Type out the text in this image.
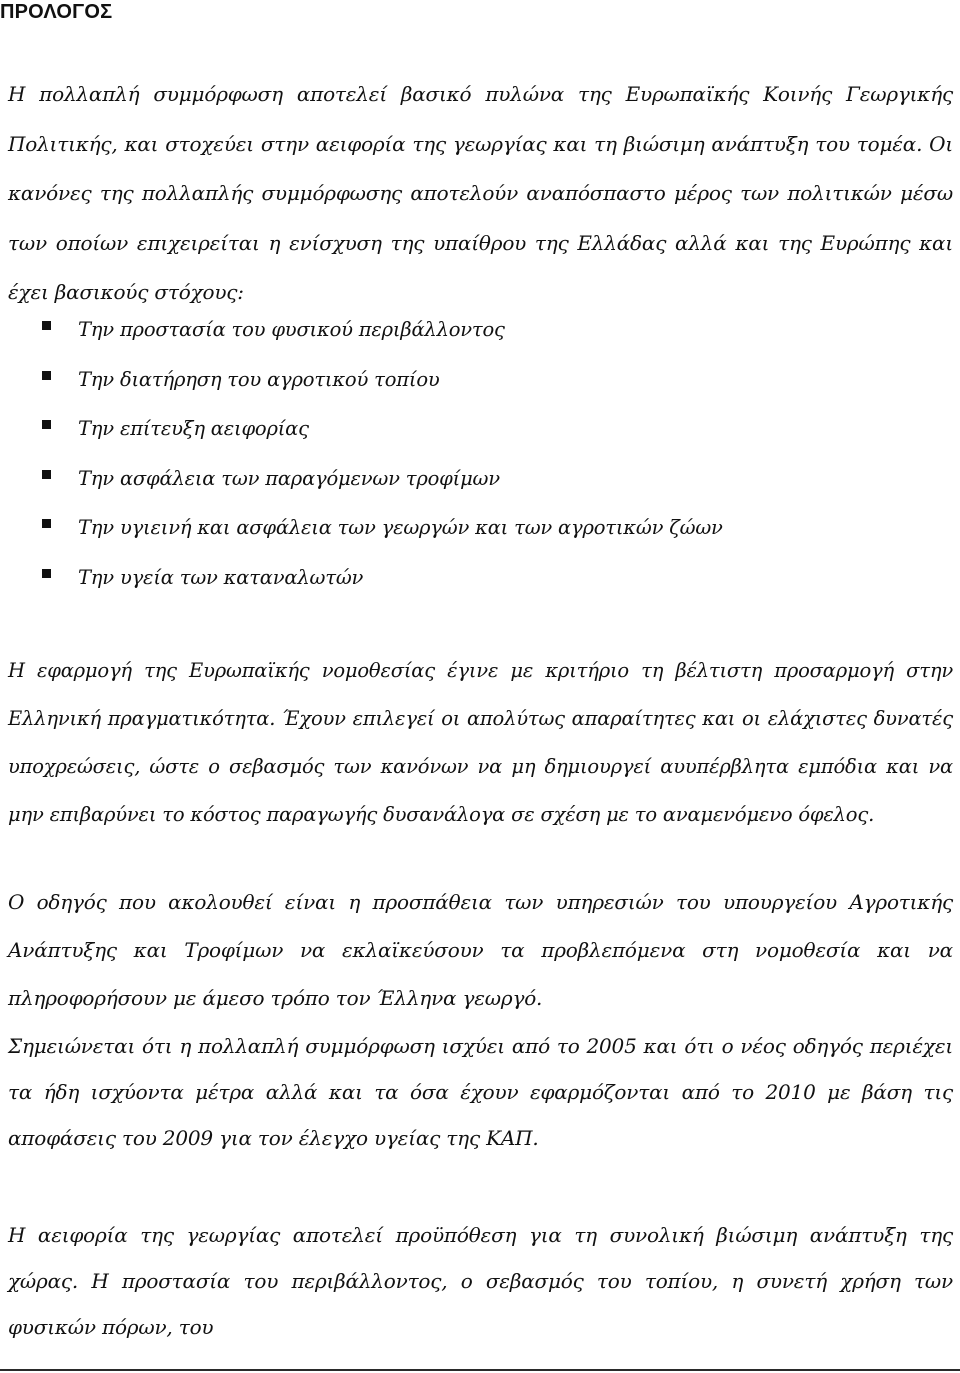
ΠΡΟΛΟΓΟΣ

Η πολλαπλή συμμόρφωση αποτελεί βασικό πυλώνα της Ευρωπαϊκής Κοινής Γεωργικής Πολιτικής, και στοχεύει στην αειφορία της γεωργίας και τη βιώσιμη ανάπτυξη του τομέα. Οι κανόνες της πολλαπλής συμμόρφωσης αποτελούν αναπόσπαστο μέρος των πολιτικών μέσω των οποίων επιχειρείται η ενίσχυση της υπαίθρου της Ελλάδας αλλά και της Ευρώπης και έχει βασικούς στόχους:

Την προστασία του φυσικού περιβάλλοντος
Την διατήρηση του αγροτικού τοπίου
Την επίτευξη αειφορίας
Την ασφάλεια των παραγόμενων τροφίμων
Την υγιεινή και ασφάλεια των γεωργών και των αγροτικών ζώων
Την υγεία των καταναλωτών

Η εφαρμογή της Ευρωπαϊκής νομοθεσίας έγινε με κριτήριο τη βέλτιστη προσαρμογή στην Ελληνική πραγματικότητα. Έχουν επιλεγεί οι απολύτως απαραίτητες και οι ελάχιστες δυνατές υποχρεώσεις, ώστε ο σεβασμός των κανόνων να μη δημιουργεί αυυπέρβλητα εμπόδια και να μην επιβαρύνει το κόστος παραγωγής δυσανάλογα σε σχέση με το αναμενόμενο όφελος.

Ο οδηγός που ακολουθεί είναι η προσπάθεια των υπηρεσιών του υπουργείου Αγροτικής Ανάπτυξης και Τροφίμων να εκλαϊκεύσουν τα προβλεπόμενα στη νομοθεσία και να πληροφορήσουν με άμεσο τρόπο τον Έλληνα γεωργό.

Σημειώνεται ότι η πολλαπλή συμμόρφωση ισχύει από το 2005 και ότι ο νέος οδηγός περιέχει τα ήδη ισχύοντα μέτρα αλλά και τα όσα έχουν εφαρμόζονται από το 2010 με βάση τις αποφάσεις του 2009 για τον έλεγχο υγείας της ΚΑΠ.

Η αειφορία της γεωργίας αποτελεί προϋπόθεση για τη συνολική βιώσιμη ανάπτυξη της χώρας. Η προστασία του περιβάλλοντος, ο σεβασμός του τοπίου, η συνετή χρήση των φυσικών πόρων, του
